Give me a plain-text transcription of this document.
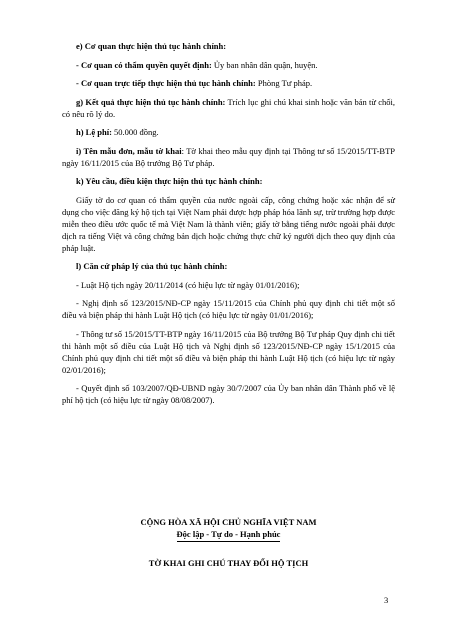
e) Cơ quan thực hiện thủ tục hành chính:

- Cơ quan có thẩm quyền quyết định: Ủy ban nhân dân quận, huyện.

- Cơ quan trực tiếp thực hiện thủ tục hành chính: Phòng Tư pháp.

g) Kết quả thực hiện thủ tục hành chính: Trích lục ghi chú khai sinh hoặc văn bản từ chối, có nêu rõ lý do.

h) Lệ phí: 50.000 đồng.

i) Tên mẫu đơn, mẫu tờ khai: Tờ khai theo mẫu quy định tại Thông tư số 15/2015/TT-BTP ngày 16/11/2015 của Bộ trưởng Bộ Tư pháp.

k) Yêu cầu, điều kiện thực hiện thủ tục hành chính:

Giấy tờ do cơ quan có thẩm quyền của nước ngoài cấp, công chứng hoặc xác nhận để sử dụng cho việc đăng ký hộ tịch tại Việt Nam phải được hợp pháp hóa lãnh sự, trừ trường hợp được miễn theo điều ước quốc tế mà Việt Nam là thành viên; giấy tờ bằng tiếng nước ngoài phải được dịch ra tiếng Việt và công chứng bản dịch hoặc chứng thực chữ ký người dịch theo quy định của pháp luật.

l) Căn cứ pháp lý của thủ tục hành chính:

- Luật Hộ tịch ngày 20/11/2014 (có hiệu lực từ ngày 01/01/2016);

- Nghị định số 123/2015/NĐ-CP ngày 15/11/2015 của Chính phủ quy định chi tiết một số điều và biện pháp thi hành Luật Hộ tịch (có hiệu lực từ ngày 01/01/2016);

- Thông tư số 15/2015/TT-BTP ngày 16/11/2015 của Bộ trưởng Bộ Tư pháp Quy định chi tiết thi hành một số điều của Luật Hộ tịch và Nghị định số 123/2015/NĐ-CP ngày 15/1/2015 của Chính phủ quy định chi tiết một số điều và biện pháp thi hành Luật Hộ tịch (có hiệu lực từ ngày 02/01/2016);

- Quyết định số 103/2007/QĐ-UBND ngày 30/7/2007 của Ủy ban nhân dân Thành phố về lệ phí hộ tịch (có hiệu lực từ ngày 08/08/2007).

CỘNG HÒA XÃ HỘI CHỦ NGHĨA VIỆT NAM
Độc lập - Tự do - Hạnh phúc
TỜ KHAI GHI CHÚ THAY ĐỔI HỘ TỊCH
3
